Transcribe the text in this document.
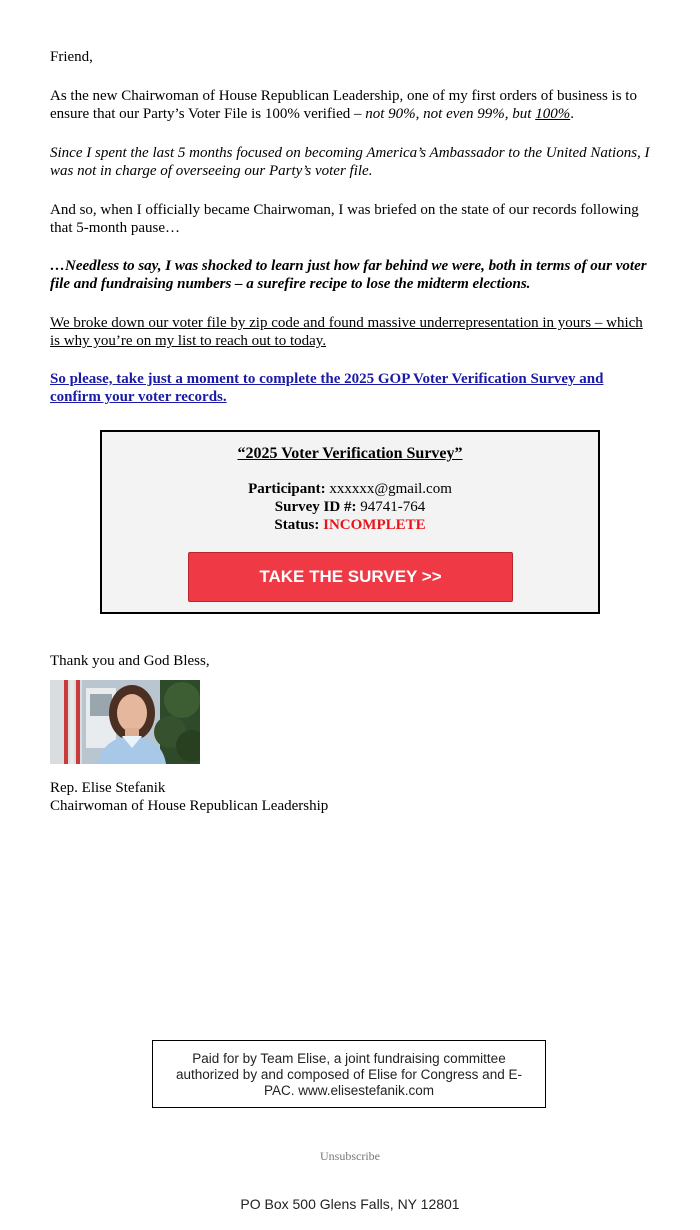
Friend,

As the new Chairwoman of House Republican Leadership, one of my first orders of business is to ensure that our Party’s Voter File is 100% verified – not 90%, not even 99%, but 100%.

Since I spent the last 5 months focused on becoming America’s Ambassador to the United Nations, I was not in charge of overseeing our Party’s voter file.

And so, when I officially became Chairwoman, I was briefed on the state of our records following that 5-month pause…

…Needless to say, I was shocked to learn just how far behind we were, both in terms of our voter file and fundraising numbers – a surefire recipe to lose the midterm elections.

We broke down our voter file by zip code and found massive underrepresentation in yours – which is why you’re on my list to reach out to today.

So please, take just a moment to complete the 2025 GOP Voter Verification Survey and confirm your voter records.

“2025 Voter Verification Survey”
Participant: xxxxxx@gmail.com
Survey ID #: 94741-764
Status: INCOMPLETE
TAKE THE SURVEY >>
Thank you and God Bless,
Rep. Elise Stefanik
Chairwoman of House Republican Leadership
Paid for by Team Elise, a joint fundraising committee authorized by and composed of Elise for Congress and E-PAC. www.elisestefanik.com
Unsubscribe
PO Box 500 Glens Falls, NY 12801
